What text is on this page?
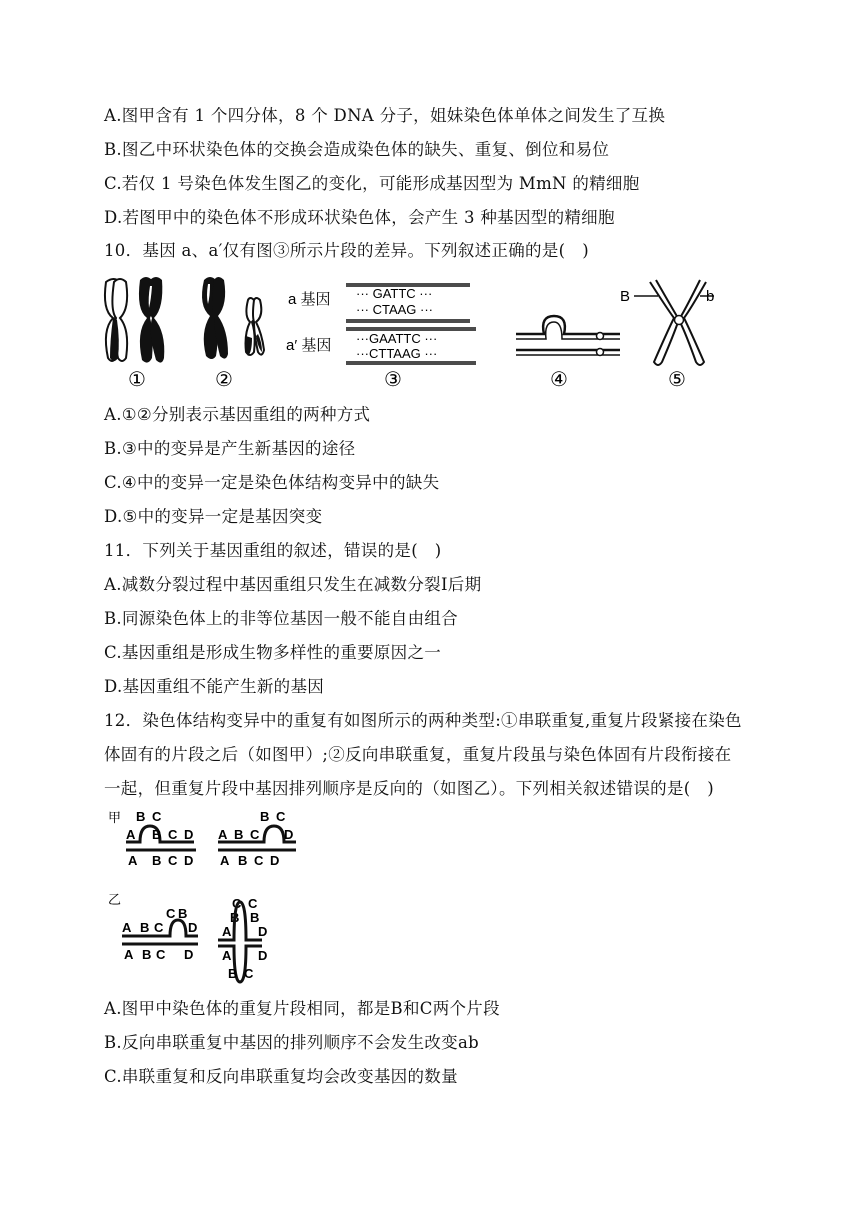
A.图甲含有 1 个四分体，8 个 DNA 分子，姐妹染色体单体之间发生了互换
B.图乙中环状染色体的交换会造成染色体的缺失、重复、倒位和易位
C.若仅 1 号染色体发生图乙的变化，可能形成基因型为 MmN 的精细胞
D.若图甲中的染色体不形成环状染色体，会产生 3 种基因型的精细胞
10．基因 a、a′仅有图③所示片段的差异。下列叙述正确的是(　)
①	②
a 基因 ··· GATTC ···
··· CTAAG ···
a′ 基因 ···GAATTC ···
···CTTAAG ···
③	④
B	b
⑤
A.①②分别表示基因重组的两种方式
B.③中的变异是产生新基因的途径
C.④中的变异一定是染色体结构变异中的缺失
D.⑤中的变异一定是基因突变
11．下列关于基因重组的叙述，错误的是(　)
A.减数分裂过程中基因重组只发生在减数分裂Ⅰ后期
B.同源染色体上的非等位基因一般不能自由组合
C.基因重组是形成生物多样性的重要原因之一
D.基因重组不能产生新的基因
12．染色体结构变异中的重复有如图所示的两种类型:①串联重复,重复片段紧接在染色
体固有的片段之后（如图甲）;②反向串联重复，重复片段虽与染色体固有片段衔接在
一起，但重复片段中基因排列顺序是反向的（如图乙）。下列相关叙述错误的是(　)
甲
乙
B C
A B C D
A B C D
B C
A B C D
A B C D
C B
A B C D
A B C D
C C
B B
A D
A D
B C
A.图甲中染色体的重复片段相同，都是B和C两个片段
B.反向串联重复中基因的排列顺序不会发生改变ab
C.串联重复和反向串联重复均会改变基因的数量
